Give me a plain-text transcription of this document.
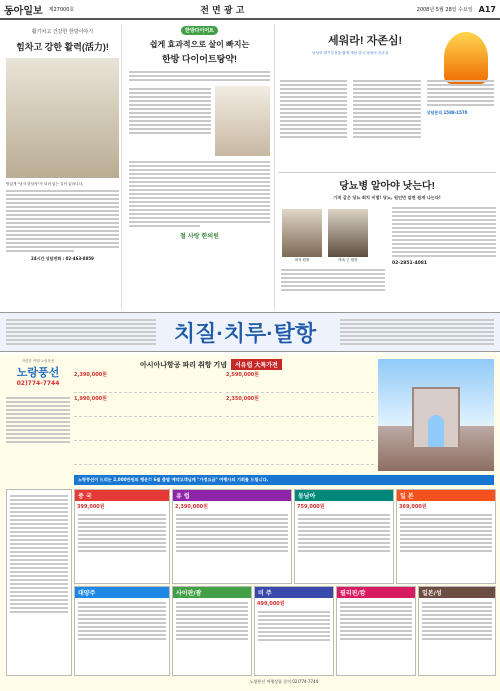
동아일보 제27000호	전 면 광 고	2008년 5월 28일 수요일 A17
활기차고 건강한 한방이야기
힘차고 강한 활력(活力)!
멋있게 "남자 한남자"가 되려 있는 길이 있습니다.
24시간 상담전화 : 02-463-8859
한방다이어트
쉽게 효과적으로 살이 빠지는
한방 다이어트탕약!
철 사랑 한의원
세워라! 자존심!
남성의 발기부전을 쉽게 개선 한국 남성의 자존심
상담문의 1588-1570
당뇨병 알아야 낫는다!
기적 같은 당뇨 회치 비법! 당뇨, 원인만 알면 쉽게 나는다!
최석 원장	박옥 근 원장
02-2851-4081
치질·치루·탈항
저렴한 여행 노랑풍선
노랑풍선
02)774-7744
아시아나항공 파리 취항 기념	서유럽 大특가전
2,390,000원	2,590,000원
1,990,000원	2,350,000원
노랑풍선이 드리는 2,000만원의 행운!! 6월 출발 예약고객님께 "가정요금" 여행사의 기회를 드립니다.
중 국
399,000원
유 럽
2,390,000원
동남아
759,000원
일 본
369,000원
대양주	사이판/괌	미 주
499,000원
필리핀/캄	일본/성
노랑풍선 여행상품 문의 02)774-7744
